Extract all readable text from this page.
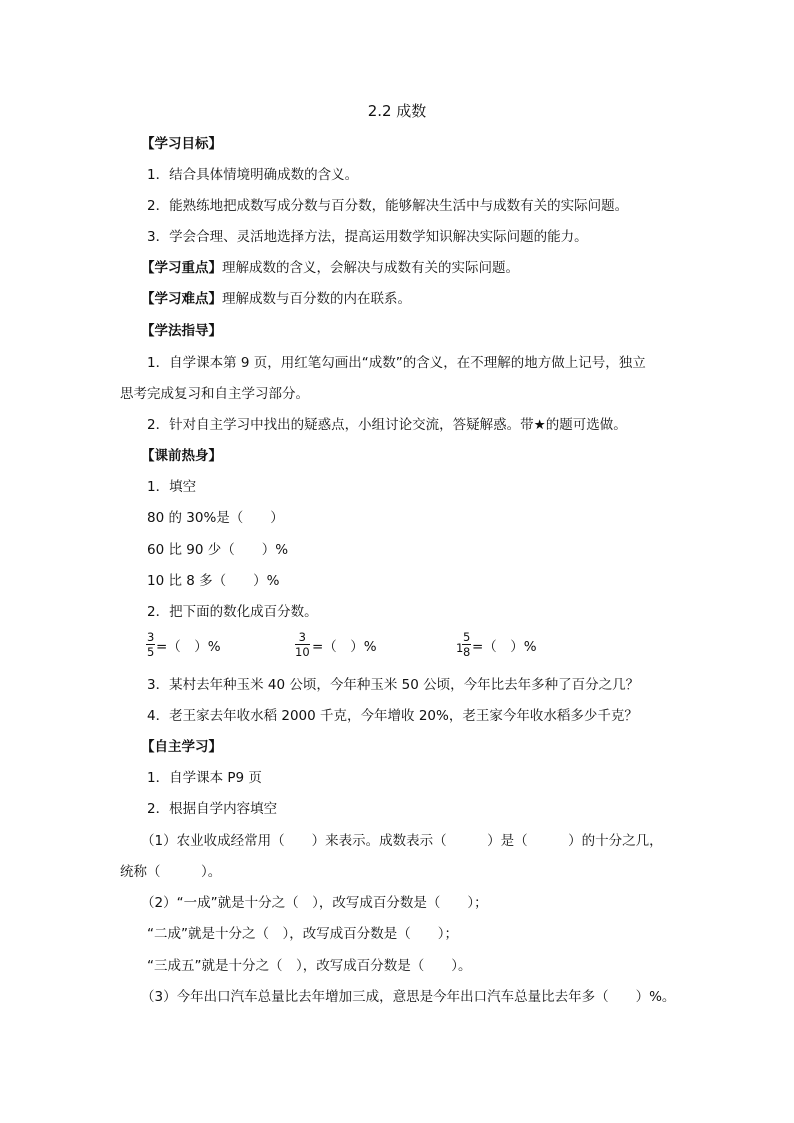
2.2 成数
【学习目标】
1．结合具体情境明确成数的含义。
2．能熟练地把成数写成分数与百分数，能够解决生活中与成数有关的实际问题。
3．学会合理、灵活地选择方法，提高运用数学知识解决实际问题的能力。
【学习重点】理解成数的含义，会解决与成数有关的实际问题。
【学习难点】理解成数与百分数的内在联系。
【学法指导】
1．自学课本第 9 页，用红笔勾画出“成数”的含义，在不理解的地方做上记号，独立
思考完成复习和自主学习部分。
2．针对自主学习中找出的疑惑点，小组讨论交流，答疑解惑。带★的题可选做。
【课前热身】
1．填空
80 的 30%是（　　）
60 比 90 少（　　）%
10 比 8 多（　　）%
2．把下面的数化成百分数。
3
5 =（　）%
3
10 =（　）%	1
5
8 =（　）%
3．某村去年种玉米 40 公顷，今年种玉米 50 公顷，今年比去年多种了百分之几？
4．老王家去年收水稻 2000 千克，今年增收 20%，老王家今年收水稻多少千克？
【自主学习】
1．自学课本 P9 页
2．根据自学内容填空
（1）农业收成经常用（　　）来表示。成数表示（　　　）是（　　　）的十分之几，
统称（　　　）。
（2）“一成”就是十分之（　），改写成百分数是（　　）；
“二成”就是十分之（　），改写成百分数是（　　）；
“三成五”就是十分之（　），改写成百分数是（　　）。
（3）今年出口汽车总量比去年增加三成，意思是今年出口汽车总量比去年多（　　）%。
